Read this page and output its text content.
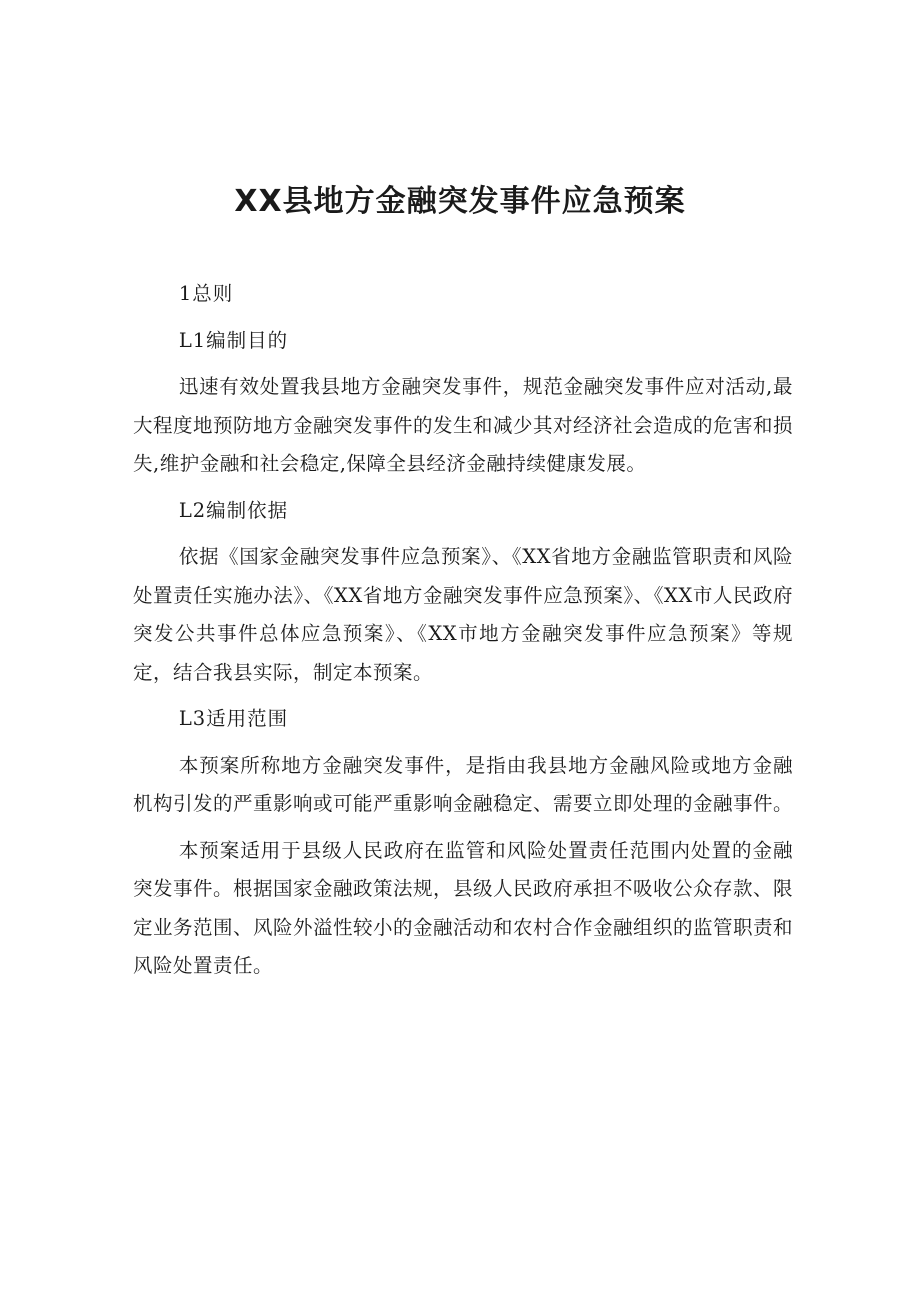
XX县地方金融突发事件应急预案

1总则

L1编制目的

迅速有效处置我县地方金融突发事件，规范金融突发事件应对活动,最大程度地预防地方金融突发事件的发生和减少其对经济社会造成的危害和损失,维护金融和社会稳定,保障全县经济金融持续健康发展。

L2编制依据

依据《国家金融突发事件应急预案》、《XX省地方金融监管职责和风险处置责任实施办法》、《XX省地方金融突发事件应急预案》、《XX市人民政府突发公共事件总体应急预案》、《XX市地方金融突发事件应急预案》等规定，结合我县实际，制定本预案。

L3适用范围

本预案所称地方金融突发事件，是指由我县地方金融风险或地方金融机构引发的严重影响或可能严重影响金融稳定、需要立即处理的金融事件。

本预案适用于县级人民政府在监管和风险处置责任范围内处置的金融突发事件。根据国家金融政策法规，县级人民政府承担不吸收公众存款、限定业务范围、风险外溢性较小的金融活动和农村合作金融组织的监管职责和风险处置责任。
